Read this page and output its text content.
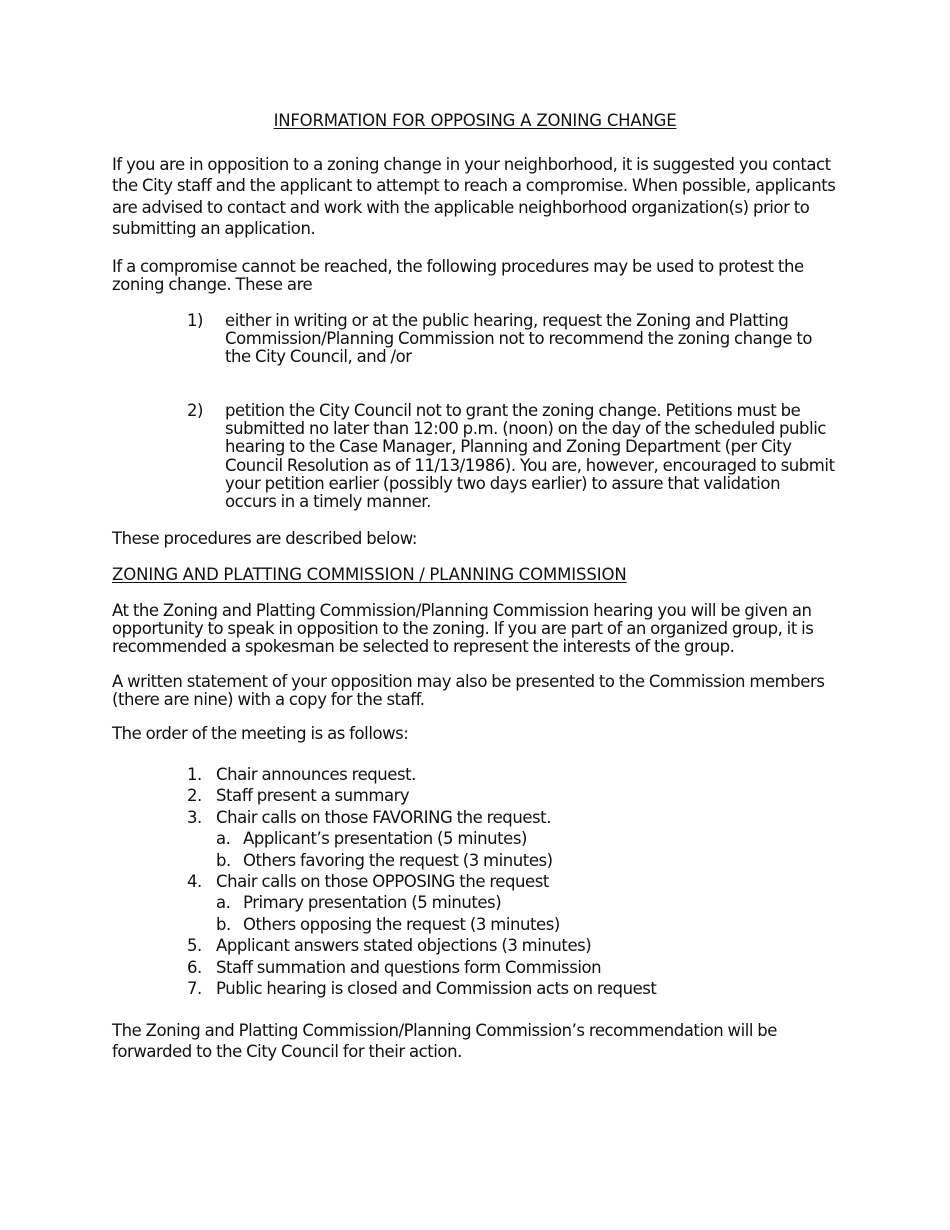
INFORMATION FOR OPPOSING A ZONING CHANGE

If you are in opposition to a zoning change in your neighborhood, it is suggested you contact the City staff and the applicant to attempt to reach a compromise. When possible, applicants are advised to contact and work with the applicable neighborhood organization(s) prior to submitting an application.

If a compromise cannot be reached, the following procedures may be used to protest the zoning change. These are

1) either in writing or at the public hearing, request the Zoning and Platting Commission/Planning Commission not to recommend the zoning change to the City Council, and /or
2) petition the City Council not to grant the zoning change. Petitions must be submitted no later than 12:00 p.m. (noon) on the day of the scheduled public hearing to the Case Manager, Planning and Zoning Department (per City Council Resolution as of 11/13/1986). You are, however, encouraged to submit your petition earlier (possibly two days earlier) to assure that validation occurs in a timely manner.

These procedures are described below:

ZONING AND PLATTING COMMISSION / PLANNING COMMISSION

At the Zoning and Platting Commission/Planning Commission hearing you will be given an opportunity to speak in opposition to the zoning. If you are part of an organized group, it is recommended a spokesman be selected to represent the interests of the group.

A written statement of your opposition may also be presented to the Commission members (there are nine) with a copy for the staff.

The order of the meeting is as follows:

1. Chair announces request.
2. Staff present a summary
3. Chair calls on those FAVORING the request.
a. Applicant’s presentation (5 minutes)
b. Others favoring the request (3 minutes)
4. Chair calls on those OPPOSING the request
a. Primary presentation (5 minutes)
b. Others opposing the request (3 minutes)
5. Applicant answers stated objections (3 minutes)
6. Staff summation and questions form Commission
7. Public hearing is closed and Commission acts on request

The Zoning and Platting Commission/Planning Commission’s recommendation will be forwarded to the City Council for their action.
